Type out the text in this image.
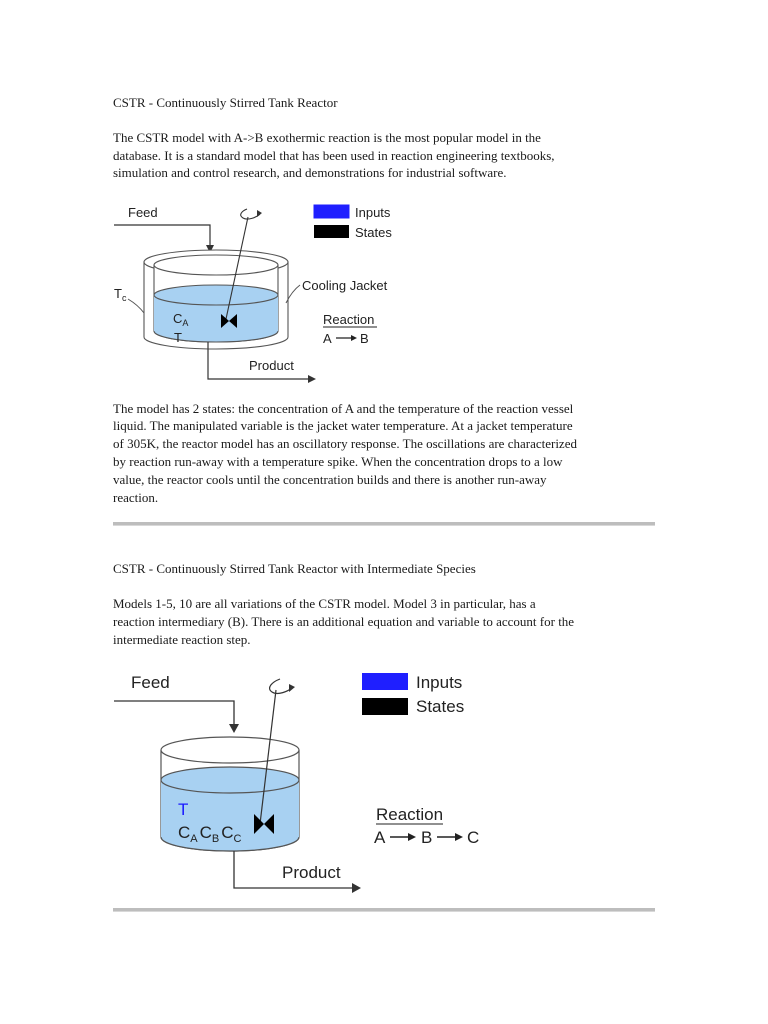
CSTR - Continuously Stirred Tank Reactor

The CSTR model with A->B exothermic reaction is the most popular model in the

database. It is a standard model that has been used in reaction engineering textbooks,

simulation and control research, and demonstrations for industrial software.

Inputs
States
Feed
$C_A$
T
$T_c$
Cooling Jacket
Reaction
A B
Product

The model has 2 states: the concentration of A and the temperature of the reaction vessel

liquid. The manipulated variable is the jacket water temperature. At a jacket temperature

of 305K, the reactor model has an oscillatory response. The oscillations are characterized

by reaction run-away with a temperature spike. When the concentration drops to a low

value, the reactor cools until the concentration builds and there is another run-away

reaction.

CSTR - Continuously Stirred Tank Reactor with Intermediate Species

Models 1-5, 10 are all variations of the CSTR model. Model 3 in particular, has a

reaction intermediary (B). There is an additional equation and variable to account for the

intermediate reaction step.

Inputs
States
Feed
T
$C_A$ $C_B$ $C_C$
Reaction
A B C
Product
